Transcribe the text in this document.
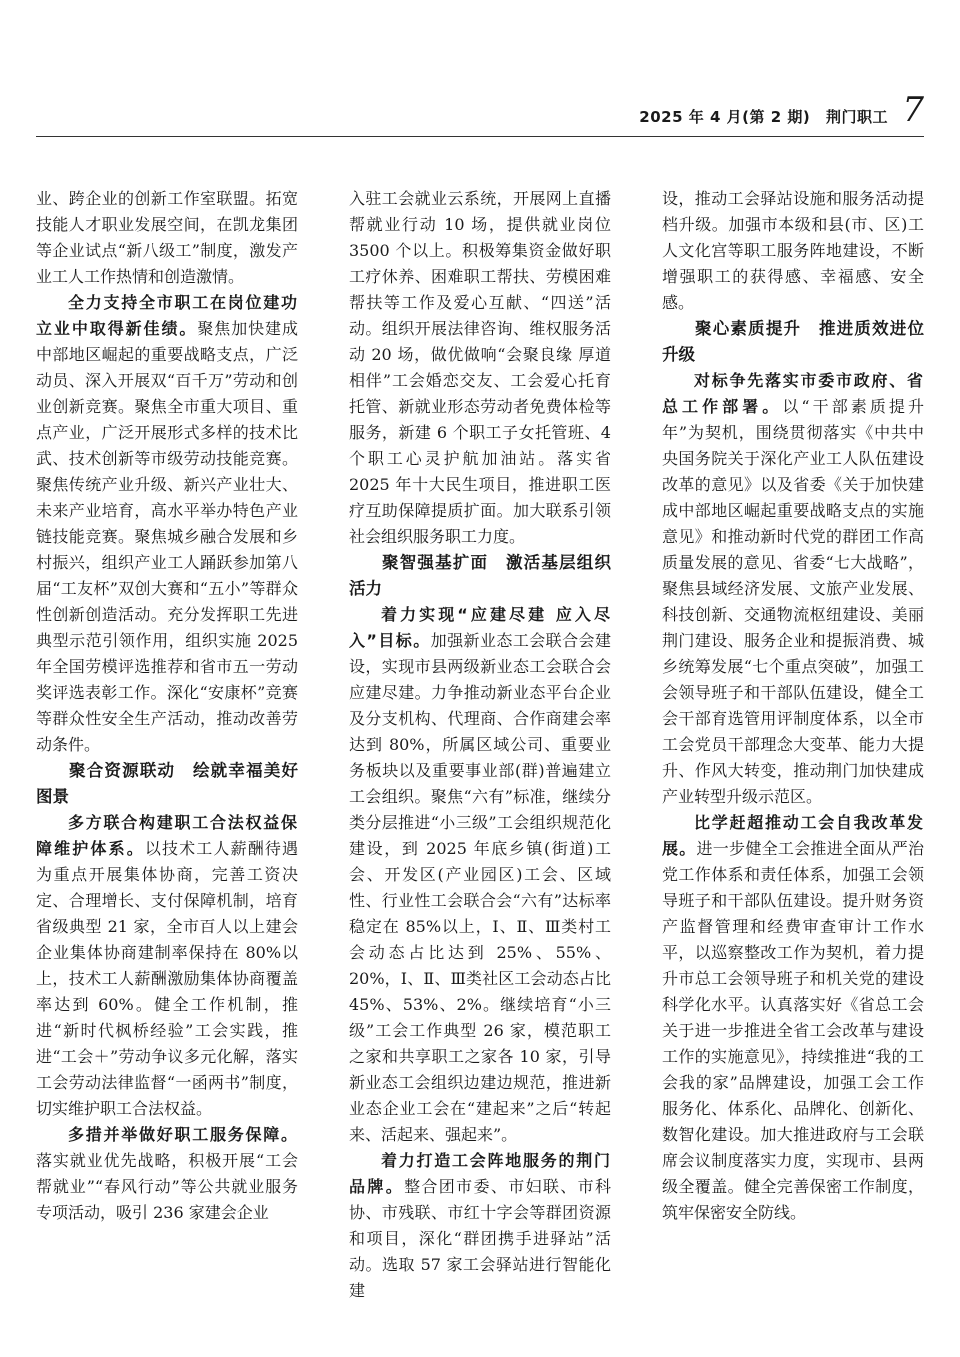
2025 年 4 月(第 2 期) 荆门职工 7

业、跨企业的创新工作室联盟。拓宽技能人才职业发展空间，在凯龙集团等企业试点“新八级工”制度，激发产业工人工作热情和创造激情。

全力支持全市职工在岗位建功立业中取得新佳绩。聚焦加快建成中部地区崛起的重要战略支点，广泛动员、深入开展双“百千万”劳动和创业创新竞赛。聚焦全市重大项目、重点产业，广泛开展形式多样的技术比武、技术创新等市级劳动技能竞赛。聚焦传统产业升级、新兴产业壮大、未来产业培育，高水平举办特色产业链技能竞赛。聚焦城乡融合发展和乡村振兴，组织产业工人踊跃参加第八届“工友杯”双创大赛和“五小”等群众性创新创造活动。充分发挥职工先进典型示范引领作用，组织实施 2025 年全国劳模评选推荐和省市五一劳动奖评选表彰工作。深化“安康杯”竞赛等群众性安全生产活动，推动改善劳动条件。

聚合资源联动　绘就幸福美好图景

多方联合构建职工合法权益保障维护体系。以技术工人薪酬待遇为重点开展集体协商，完善工资决定、合理增长、支付保障机制，培育省级典型 21 家，全市百人以上建会企业集体协商建制率保持在 80%以上，技术工人薪酬激励集体协商覆盖率达到 60%。健全工作机制，推进“新时代枫桥经验”工会实践，推进“工会＋”劳动争议多元化解，落实工会劳动法律监督“一函两书”制度，切实维护职工合法权益。

多措并举做好职工服务保障。落实就业优先战略，积极开展“工会帮就业”“春风行动”等公共就业服务专项活动，吸引 236 家建会企业

入驻工会就业云系统，开展网上直播帮就业行动 10 场，提供就业岗位 3500 个以上。积极筹集资金做好职工疗休养、困难职工帮扶、劳模困难帮扶等工作及爱心互献、“四送”活动。组织开展法律咨询、维权服务活动 20 场，做优做响“会聚良缘 厚道相伴”工会婚恋交友、工会爱心托育托管、新就业形态劳动者免费体检等服务，新建 6 个职工子女托管班、4 个职工心灵护航加油站。落实省 2025 年十大民生项目，推进职工医疗互助保障提质扩面。加大联系引领社会组织服务职工力度。

聚智强基扩面　激活基层组织活力

着力实现“应建尽建 应入尽入”目标。加强新业态工会联合会建设，实现市县两级新业态工会联合会应建尽建。力争推动新业态平台企业及分支机构、代理商、合作商建会率达到 80%，所属区域公司、重要业务板块以及重要事业部(群)普遍建立工会组织。聚焦“六有”标准，继续分类分层推进“小三级”工会组织规范化建设，到 2025 年底乡镇(街道)工会、开发区(产业园区)工会、区域性、行业性工会联合会“六有”达标率稳定在 85%以上，Ⅰ、Ⅱ、Ⅲ类村工会动态占比达到 25%、55%、20%，Ⅰ、Ⅱ、Ⅲ类社区工会动态占比 45%、53%、2%。继续培育“小三级”工会工作典型 26 家，模范职工之家和共享职工之家各 10 家，引导新业态工会组织边建边规范，推进新业态企业工会在“建起来”之后“转起来、活起来、强起来”。

着力打造工会阵地服务的荆门品牌。整合团市委、市妇联、市科协、市残联、市红十字会等群团资源和项目，深化“群团携手进驿站”活动。选取 57 家工会驿站进行智能化建

设，推动工会驿站设施和服务活动提档升级。加强市本级和县(市、区)工人文化宫等职工服务阵地建设，不断增强职工的获得感、幸福感、安全感。

聚心素质提升　推进质效进位升级

对标争先落实市委市政府、省总工作部署。以“干部素质提升年”为契机，围绕贯彻落实《中共中央国务院关于深化产业工人队伍建设改革的意见》以及省委《关于加快建成中部地区崛起重要战略支点的实施意见》和推动新时代党的群团工作高质量发展的意见、省委“七大战略”，聚焦县域经济发展、文旅产业发展、科技创新、交通物流枢纽建设、美丽荆门建设、服务企业和提振消费、城乡统筹发展“七个重点突破”，加强工会领导班子和干部队伍建设，健全工会干部育选管用评制度体系，以全市工会党员干部理念大变革、能力大提升、作风大转变，推动荆门加快建成产业转型升级示范区。

比学赶超推动工会自我改革发展。进一步健全工会推进全面从严治党工作体系和责任体系，加强工会领导班子和干部队伍建设。提升财务资产监督管理和经费审查审计工作水平，以巡察整改工作为契机，着力提升市总工会领导班子和机关党的建设科学化水平。认真落实好《省总工会关于进一步推进全省工会改革与建设工作的实施意见》，持续推进“我的工会我的家”品牌建设，加强工会工作服务化、体系化、品牌化、创新化、数智化建设。加大推进政府与工会联席会议制度落实力度，实现市、县两级全覆盖。健全完善保密工作制度，筑牢保密安全防线。
